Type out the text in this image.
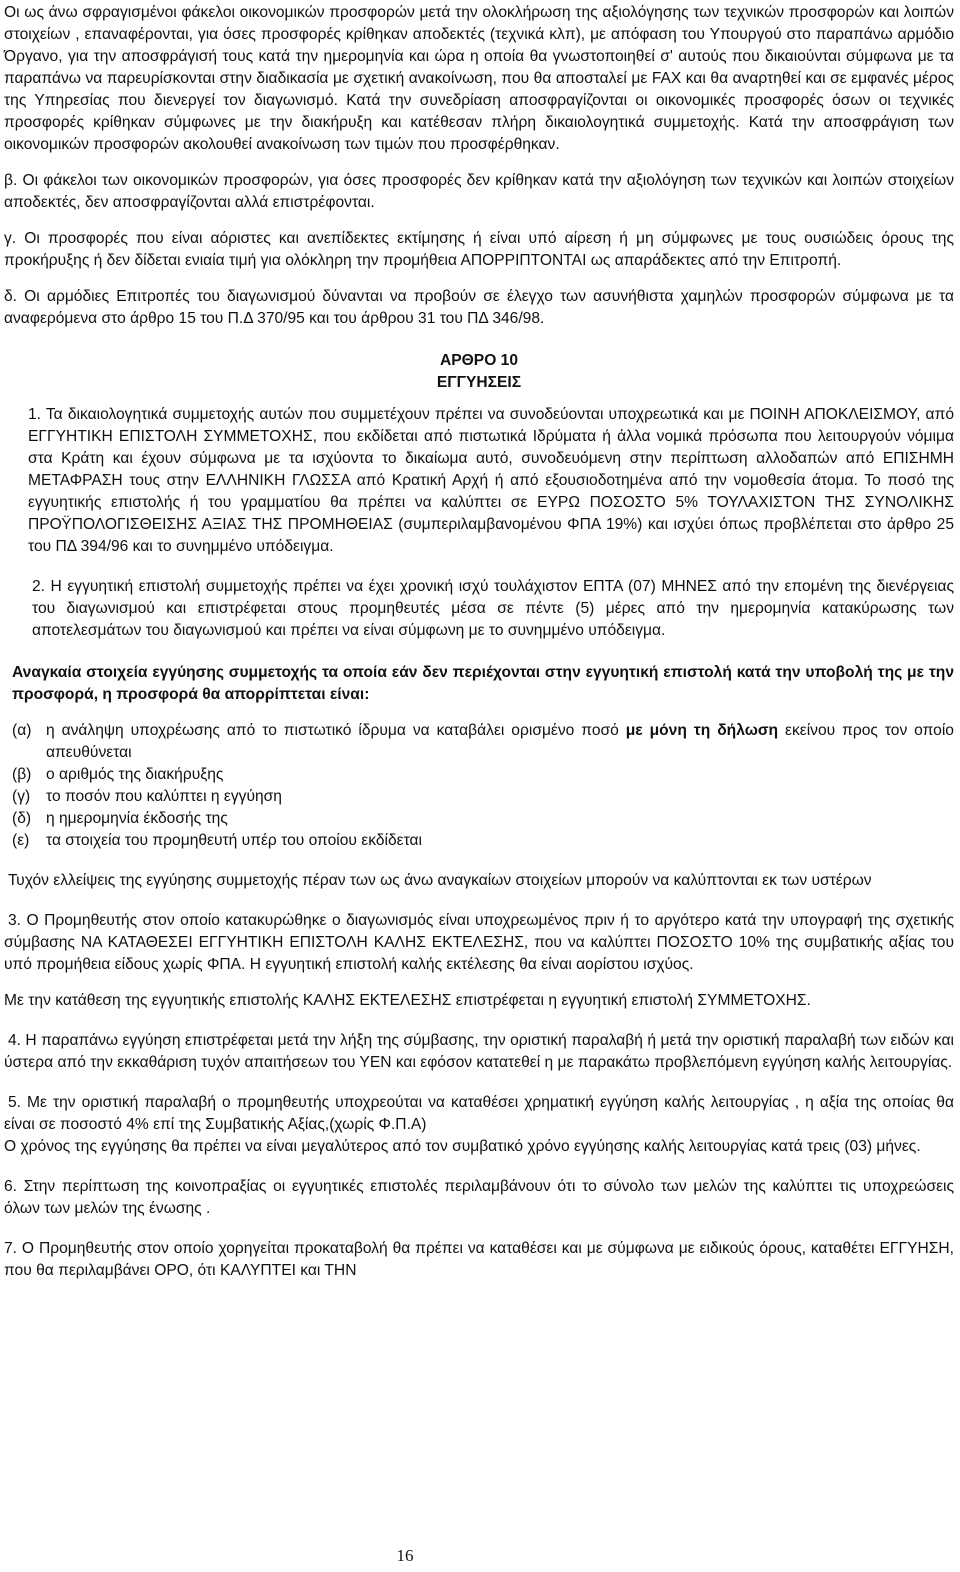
Οι ως άνω σφραγισμένοι φάκελοι οικονομικών προσφορών μετά την ολοκλήρωση της αξιολόγησης των τεχνικών προσφορών και λοιπών στοιχείων , επαναφέρονται, για όσες προσφορές κρίθηκαν αποδεκτές (τεχνικά κλπ), με απόφαση του Υπουργού στο παραπάνω αρμόδιο Όργανο, για την αποσφράγισή τους κατά την ημερομηνία και ώρα η οποία θα γνωστοποιηθεί σ' αυτούς που δικαιούνται σύμφωνα με τα παραπάνω να παρευρίσκονται στην διαδικασία με σχετική ανακοίνωση, που θα αποσταλεί με FAX και θα αναρτηθεί και σε εμφανές μέρος της Υπηρεσίας που διενεργεί τον διαγωνισμό. Κατά την συνεδρίαση αποσφραγίζονται οι οικονομικές προσφορές όσων οι τεχνικές προσφορές κρίθηκαν σύμφωνες με την διακήρυξη και κατέθεσαν πλήρη δικαιολογητικά συμμετοχής. Κατά την αποσφράγιση των οικονομικών προσφορών ακολουθεί ανακοίνωση των τιμών που προσφέρθηκαν.

β. Οι φάκελοι των οικονομικών προσφορών, για όσες προσφορές δεν κρίθηκαν κατά την αξιολόγηση των τεχνικών και λοιπών στοιχείων αποδεκτές, δεν αποσφραγίζονται αλλά επιστρέφονται.

γ. Οι προσφορές που είναι αόριστες και ανεπίδεκτες εκτίμησης ή είναι υπό αίρεση ή μη σύμφωνες με τους ουσιώδεις όρους της προκήρυξης ή δεν δίδεται ενιαία τιμή για ολόκληρη την προμήθεια ΑΠΟΡΡΙΠΤΟΝΤΑΙ ως απαράδεκτες από την Επιτροπή.

δ. Οι αρμόδιες Επιτροπές του διαγωνισμού δύνανται να προβούν σε έλεγχο των ασυνήθιστα χαμηλών προσφορών σύμφωνα με τα αναφερόμενα στο άρθρο 15 του Π.Δ 370/95 και του άρθρου 31 του ΠΔ 346/98.

ΑΡΘΡΟ 10

ΕΓΓΥΗΣΕΙΣ

1. Τα δικαιολογητικά συμμετοχής αυτών που συμμετέχουν πρέπει να συνοδεύονται υποχρεωτικά και με ΠΟΙΝΗ ΑΠΟΚΛΕΙΣΜΟΥ, από ΕΓΓΥΗΤΙΚΗ ΕΠΙΣΤΟΛΗ ΣΥΜΜΕΤΟΧΗΣ, που εκδίδεται από πιστωτικά Ιδρύματα ή άλλα νομικά πρόσωπα που λειτουργούν νόμιμα στα Κράτη και έχουν σύμφωνα με τα ισχύοντα το δικαίωμα αυτό, συνοδευόμενη στην περίπτωση αλλοδαπών από ΕΠΙΣΗΜΗ ΜΕΤΑΦΡΑΣΗ τους στην ΕΛΛΗΝΙΚΗ ΓΛΩΣΣΑ από Κρατική Αρχή ή από εξουσιοδοτημένα από την νομοθεσία άτομα. Το ποσό της εγγυητικής επιστολής ή του γραμματίου θα πρέπει να καλύπτει σε ΕΥΡΩ ΠΟΣΟΣΤΟ 5% ΤΟΥΛΑΧΙΣΤΟΝ ΤΗΣ ΣΥΝΟΛΙΚΗΣ ΠΡΟΫΠΟΛΟΓΙΣΘΕΙΣΗΣ ΑΞΙΑΣ ΤΗΣ ΠΡΟΜΗΘΕΙΑΣ (συμπεριλαμβανομένου ΦΠΑ 19%) και ισχύει όπως προβλέπεται στο άρθρο 25 του ΠΔ 394/96 και το συνημμένο υπόδειγμα.

2. Η εγγυητική επιστολή συμμετοχής πρέπει να έχει χρονική ισχύ τουλάχιστον ΕΠΤΑ (07) ΜΗΝΕΣ από την επομένη της διενέργειας του διαγωνισμού και επιστρέφεται στους προμηθευτές μέσα σε πέντε (5) μέρες από την ημερομηνία κατακύρωσης των αποτελεσμάτων του διαγωνισμού και πρέπει να είναι σύμφωνη με το συνημμένο υπόδειγμα.

Αναγκαία στοιχεία εγγύησης συμμετοχής τα οποία εάν δεν περιέχονται στην εγγυητική επιστολή κατά την υποβολή της με την προσφορά, η προσφορά θα απορρίπτεται είναι:

(α) η ανάληψη υποχρέωσης από το πιστωτικό ίδρυμα να καταβάλει ορισμένο ποσό με μόνη τη δήλωση εκείνου προς τον οποίο απευθύνεται

(β) ο αριθμός της διακήρυξης

(γ)	το ποσόν που καλύπτει η εγγύηση

(δ) η ημερομηνία έκδοσής της

(ε)	τα στοιχεία του προμηθευτή υπέρ του οποίου εκδίδεται

Τυχόν ελλείψεις της εγγύησης συμμετοχής πέραν των ως άνω αναγκαίων στοιχείων μπορούν να καλύπτονται εκ των υστέρων

3. Ο Προμηθευτής στον οποίο κατακυρώθηκε ο διαγωνισμός είναι υποχρεωμένος πριν ή το αργότερο κατά την υπογραφή της σχετικής σύμβασης ΝΑ ΚΑΤΑΘΕΣΕΙ ΕΓΓΥΗΤΙΚΗ ΕΠΙΣΤΟΛΗ ΚΑΛΗΣ ΕΚΤΕΛΕΣΗΣ, που να καλύπτει ΠΟΣΟΣΤΟ 10% της συμβατικής αξίας του υπό προμήθεια είδους χωρίς ΦΠΑ. Η εγγυητική επιστολή καλής εκτέλεσης θα είναι αορίστου ισχύος.

Με την κατάθεση της εγγυητικής επιστολής ΚΑΛΗΣ ΕΚΤΕΛΕΣΗΣ επιστρέφεται η εγγυητική επιστολή ΣΥΜΜΕΤΟΧΗΣ.

4. Η παραπάνω εγγύηση επιστρέφεται μετά την λήξη της σύμβασης, την οριστική παραλαβή ή μετά την οριστική παραλαβή των ειδών και ύστερα από την εκκαθάριση τυχόν απαιτήσεων του ΥΕΝ και εφόσον κατατεθεί η με παρακάτω προβλεπόμενη εγγύηση καλής λειτουργίας.

5. Με την οριστική παραλαβή ο προμηθευτής υποχρεούται να καταθέσει χρηματική εγγύηση καλής λειτουργίας , η αξία της οποίας θα είναι σε ποσοστό 4% επί της Συμβατικής Αξίας,(χωρίς Φ.Π.Α)

Ο χρόνος της εγγύησης θα πρέπει να είναι μεγαλύτερος από τον συμβατικό χρόνο εγγύησης καλής λειτουργίας κατά τρεις (03) μήνες.

6. Στην περίπτωση της κοινοπραξίας οι εγγυητικές επιστολές περιλαμβάνουν ότι το σύνολο των μελών της καλύπτει τις υποχρεώσεις όλων των μελών της ένωσης .

7. Ο Προμηθευτής στον οποίο χορηγείται προκαταβολή θα πρέπει να καταθέσει και με σύμφωνα με ειδικούς όρους, καταθέτει ΕΓΓΥΗΣΗ, που θα περιλαμβάνει ΟΡΟ, ότι ΚΑΛΥΠΤΕΙ και ΤΗΝ

16
